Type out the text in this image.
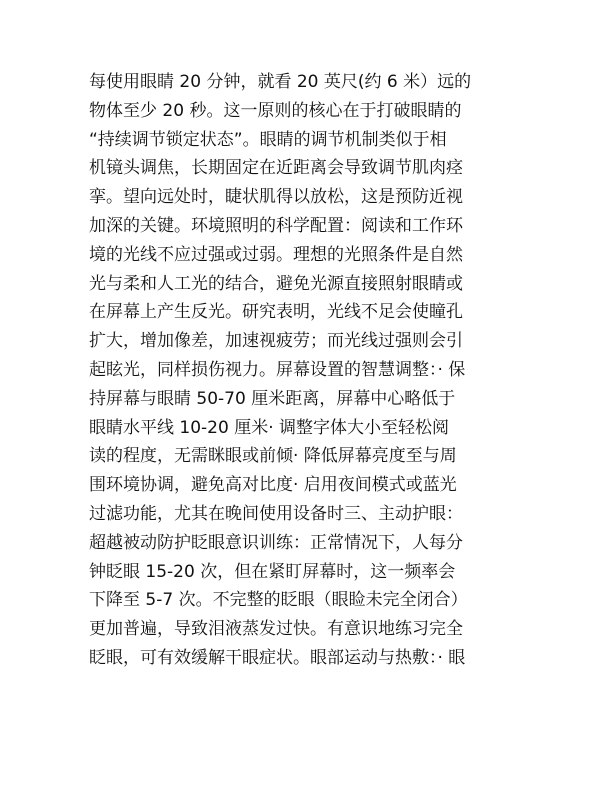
每使用眼睛 20 分钟，就看 20 英尺(约 6 米）远的
物体至少 20 秒。这一原则的核心在于打破眼睛的
“持续调节锁定状态”。眼睛的调节机制类似于相
机镜头调焦，长期固定在近距离会导致调节肌肉痉
挛。望向远处时，睫状肌得以放松，这是预防近视
加深的关键。环境照明的科学配置：阅读和工作环
境的光线不应过强或过弱。理想的光照条件是自然
光与柔和人工光的结合，避免光源直接照射眼睛或
在屏幕上产生反光。研究表明，光线不足会使瞳孔
扩大，增加像差，加速视疲劳；而光线过强则会引
起眩光，同样损伤视力。屏幕设置的智慧调整：· 保
持屏幕与眼睛 50-70 厘米距离，屏幕中心略低于
眼睛水平线 10-20 厘米· 调整字体大小至轻松阅
读的程度，无需眯眼或前倾· 降低屏幕亮度至与周
围环境协调，避免高对比度· 启用夜间模式或蓝光
过滤功能，尤其在晚间使用设备时三、主动护眼：
超越被动防护眨眼意识训练：正常情况下，人每分
钟眨眼 15-20 次，但在紧盯屏幕时，这一频率会
下降至 5-7 次。不完整的眨眼（眼睑未完全闭合）
更加普遍，导致泪液蒸发过快。有意识地练习完全
眨眼，可有效缓解干眼症状。眼部运动与热敷：· 眼
